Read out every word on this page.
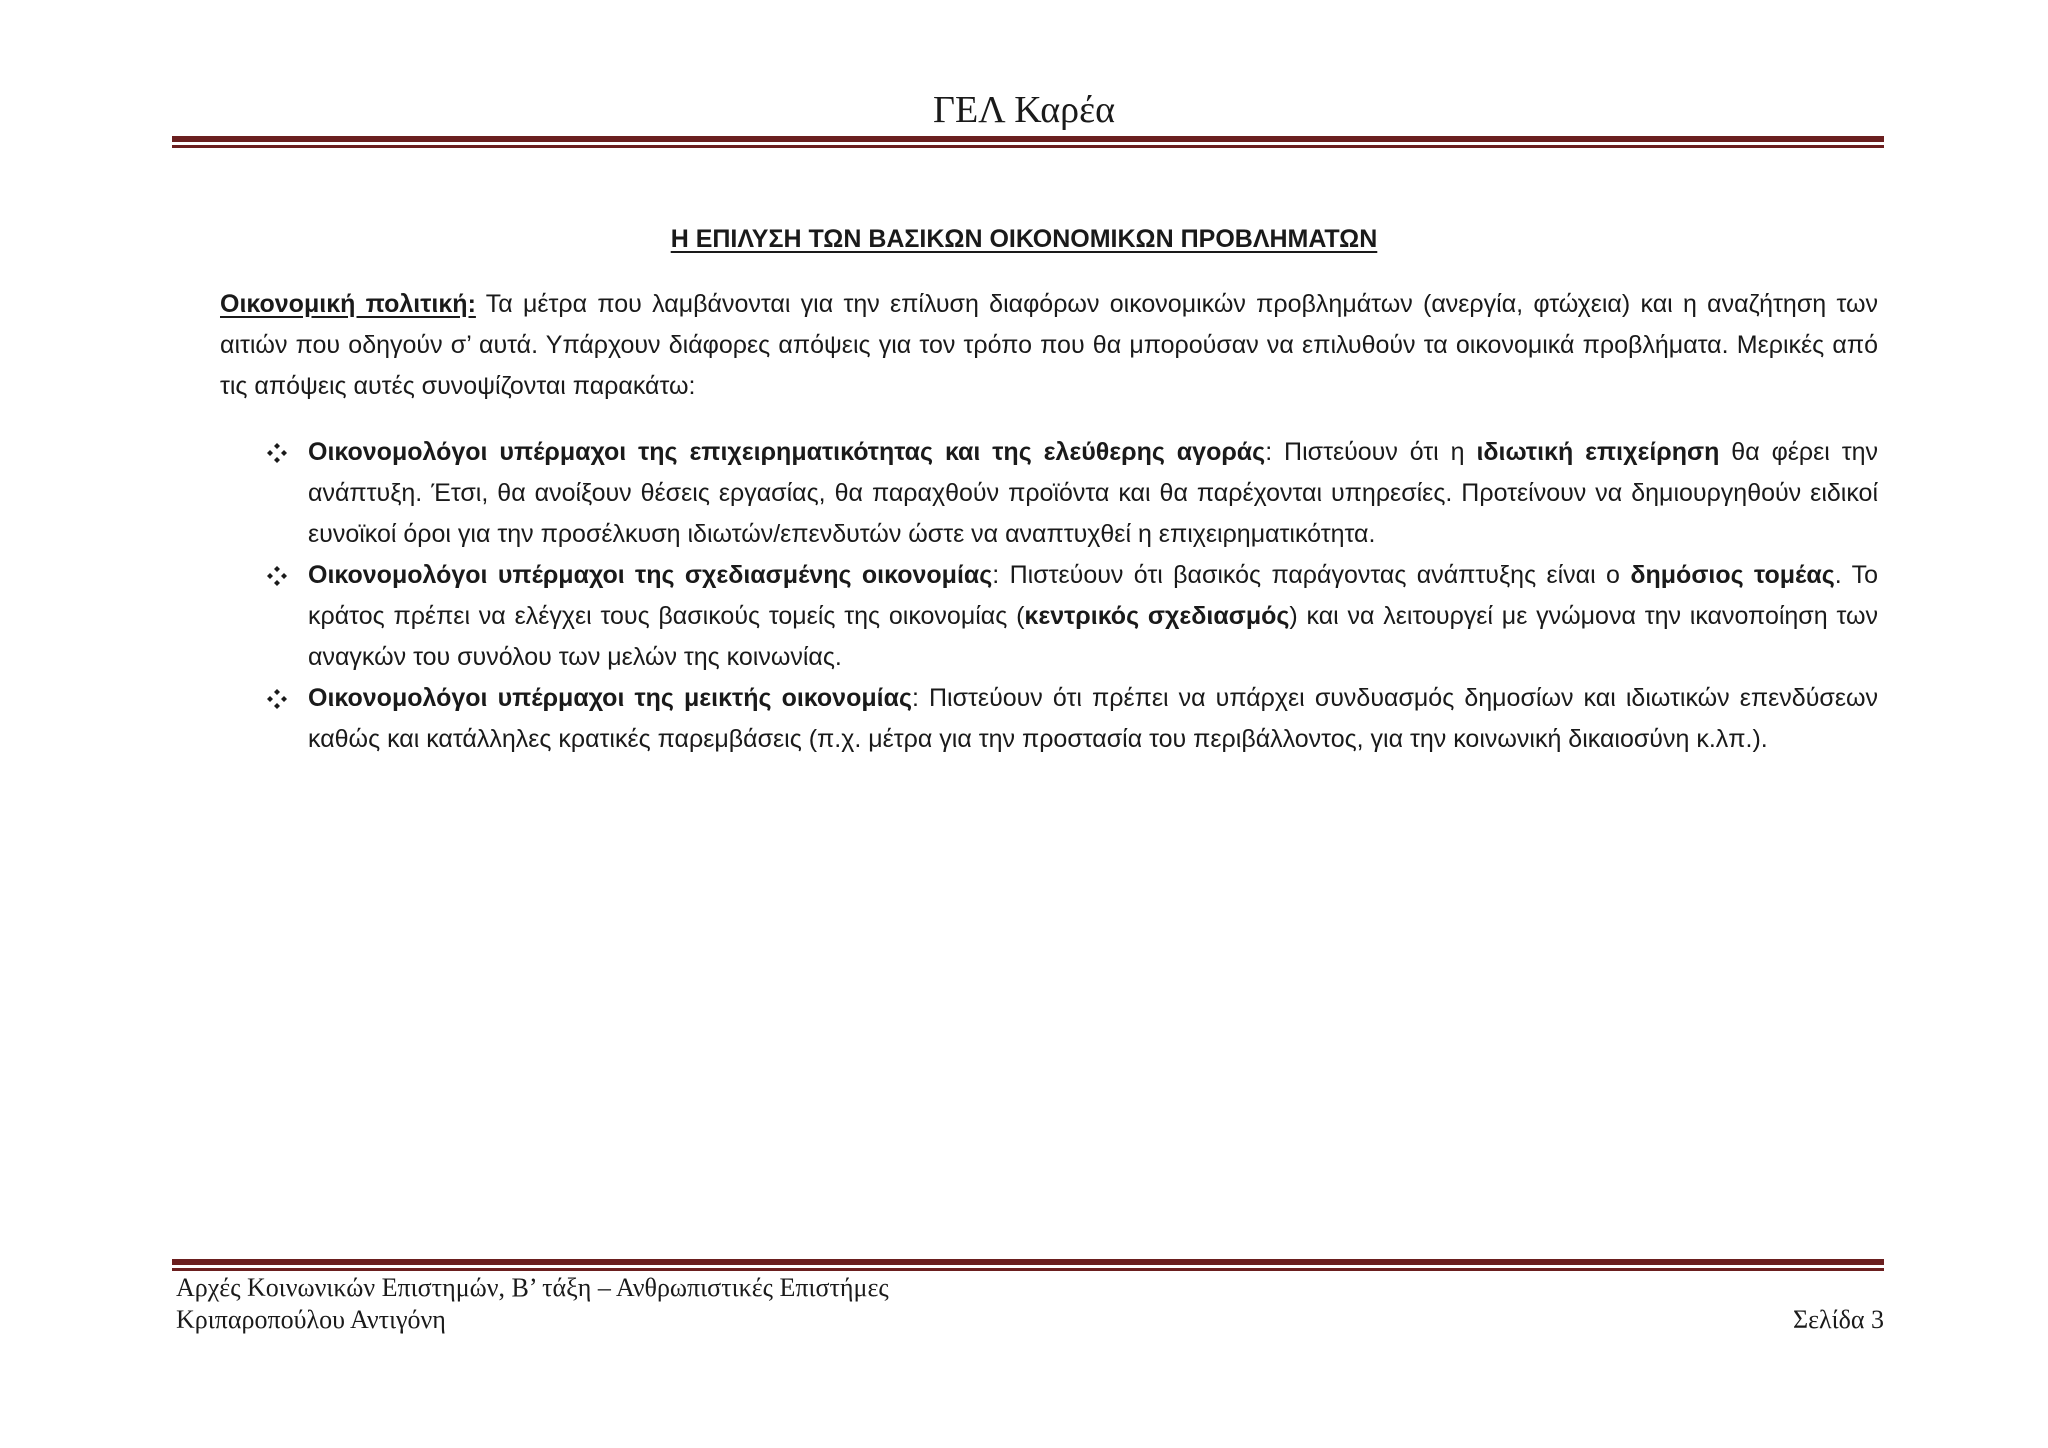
ΓΕΛ Καρέα
Η ΕΠΙΛΥΣΗ ΤΩΝ ΒΑΣΙΚΩΝ ΟΙΚΟΝΟΜΙΚΩΝ ΠΡΟΒΛΗΜΑΤΩΝ
Οικονομική πολιτική: Τα μέτρα που λαμβάνονται για την επίλυση διαφόρων οικονομικών προβλημάτων (ανεργία, φτώχεια) και η αναζήτηση των αιτιών που οδηγούν σ’ αυτά. Υπάρχουν διάφορες απόψεις για τον τρόπο που θα μπορούσαν να επιλυθούν τα οικονομικά προβλήματα. Μερικές από τις απόψεις αυτές συνοψίζονται παρακάτω:
Οικονομολόγοι υπέρμαχοι της επιχειρηματικότητας και της ελεύθερης αγοράς: Πιστεύουν ότι η ιδιωτική επιχείρηση θα φέρει την ανάπτυξη. Έτσι, θα ανοίξουν θέσεις εργασίας, θα παραχθούν προϊόντα και θα παρέχονται υπηρεσίες. Προτείνουν να δημιουργηθούν ειδικοί ευνοϊκοί όροι για την προσέλκυση ιδιωτών/επενδυτών ώστε να αναπτυχθεί η επιχειρηματικότητα.
Οικονομολόγοι υπέρμαχοι της σχεδιασμένης οικονομίας: Πιστεύουν ότι βασικός παράγοντας ανάπτυξης είναι ο δημόσιος τομέας. Το κράτος πρέπει να ελέγχει τους βασικούς τομείς της οικονομίας (κεντρικός σχεδιασμός) και να λειτουργεί με γνώμονα την ικανοποίηση των αναγκών του συνόλου των μελών της κοινωνίας.
Οικονομολόγοι υπέρμαχοι της μεικτής οικονομίας: Πιστεύουν ότι πρέπει να υπάρχει συνδυασμός δημοσίων και ιδιωτικών επενδύσεων καθώς και κατάλληλες κρατικές παρεμβάσεις (π.χ. μέτρα για την προστασία του περιβάλλοντος, για την κοινωνική δικαιοσύνη κ.λπ.).
Αρχές Κοινωνικών Επιστημών, Β’ τάξη – Ανθρωπιστικές Επιστήμες
Κριπαροπούλου Αντιγόνη	Σελίδα 3
